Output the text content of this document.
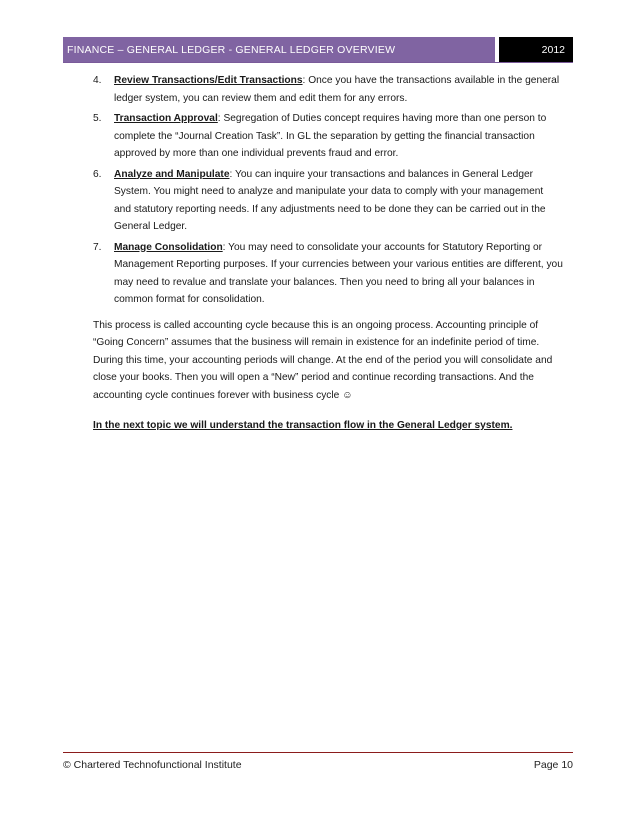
FINANCE – GENERAL LEDGER - GENERAL LEDGER OVERVIEW	2012
4. Review Transactions/Edit Transactions: Once you have the transactions available in the general ledger system, you can review them and edit them for any errors.
5. Transaction Approval: Segregation of Duties concept requires having more than one person to complete the “Journal Creation Task”. In GL the separation by getting the financial transaction approved by more than one individual prevents fraud and error.
6. Analyze and Manipulate: You can inquire your transactions and balances in General Ledger System. You might need to analyze and manipulate your data to comply with your management and statutory reporting needs. If any adjustments need to be done they can be carried out in the General Ledger.
7. Manage Consolidation: You may need to consolidate your accounts for Statutory Reporting or Management Reporting purposes. If your currencies between your various entities are different, you may need to revalue and translate your balances. Then you need to bring all your balances in common format for consolidation.

This process is called accounting cycle because this is an ongoing process. Accounting principle of “Going Concern” assumes that the business will remain in existence for an indefinite period of time. During this time, your accounting periods will change. At the end of the period you will consolidate and close your books. Then you will open a “New” period and continue recording transactions. And the accounting cycle continues forever with business cycle ☺

In the next topic we will understand the transaction flow in the General Ledger system.

© Chartered Technofunctional Institute	Page 10
